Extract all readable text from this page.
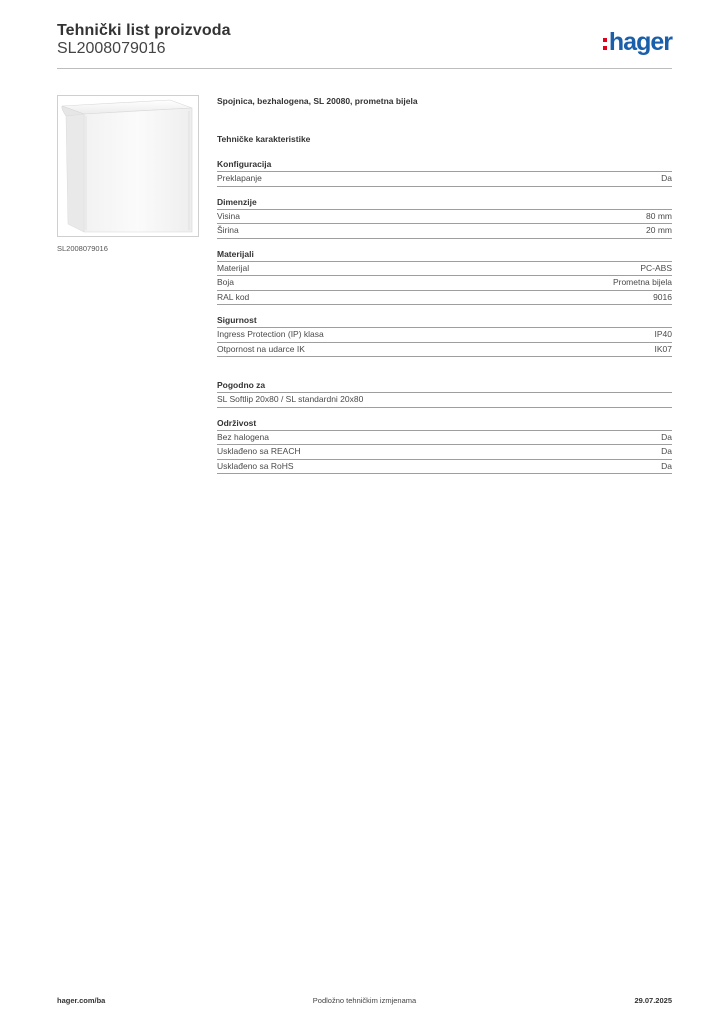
Tehnički list proizvoda
SL2008079016	hager
SL2008079016
Spojnica, bezhalogena, SL 20080, prometna bijela
Tehničke karakteristike
Konfiguracija
Preklapanje	Da
Dimenzije
Visina	80 mm
Širina	20 mm
Materijali
Materijal	PC-ABS
Boja	Prometna bijela
RAL kod	9016
Sigurnost
Ingress Protection (IP) klasa	IP40
Otpornost na udarce IK	IK07
Pogodno za
SL Softlip 20x80 / SL standardni 20x80
Održivost
Bez halogena	Da
Usklađeno sa REACH	Da
Usklađeno sa RoHS	Da
hager.com/ba	Podložno tehničkim izmjenama	29.07.2025
